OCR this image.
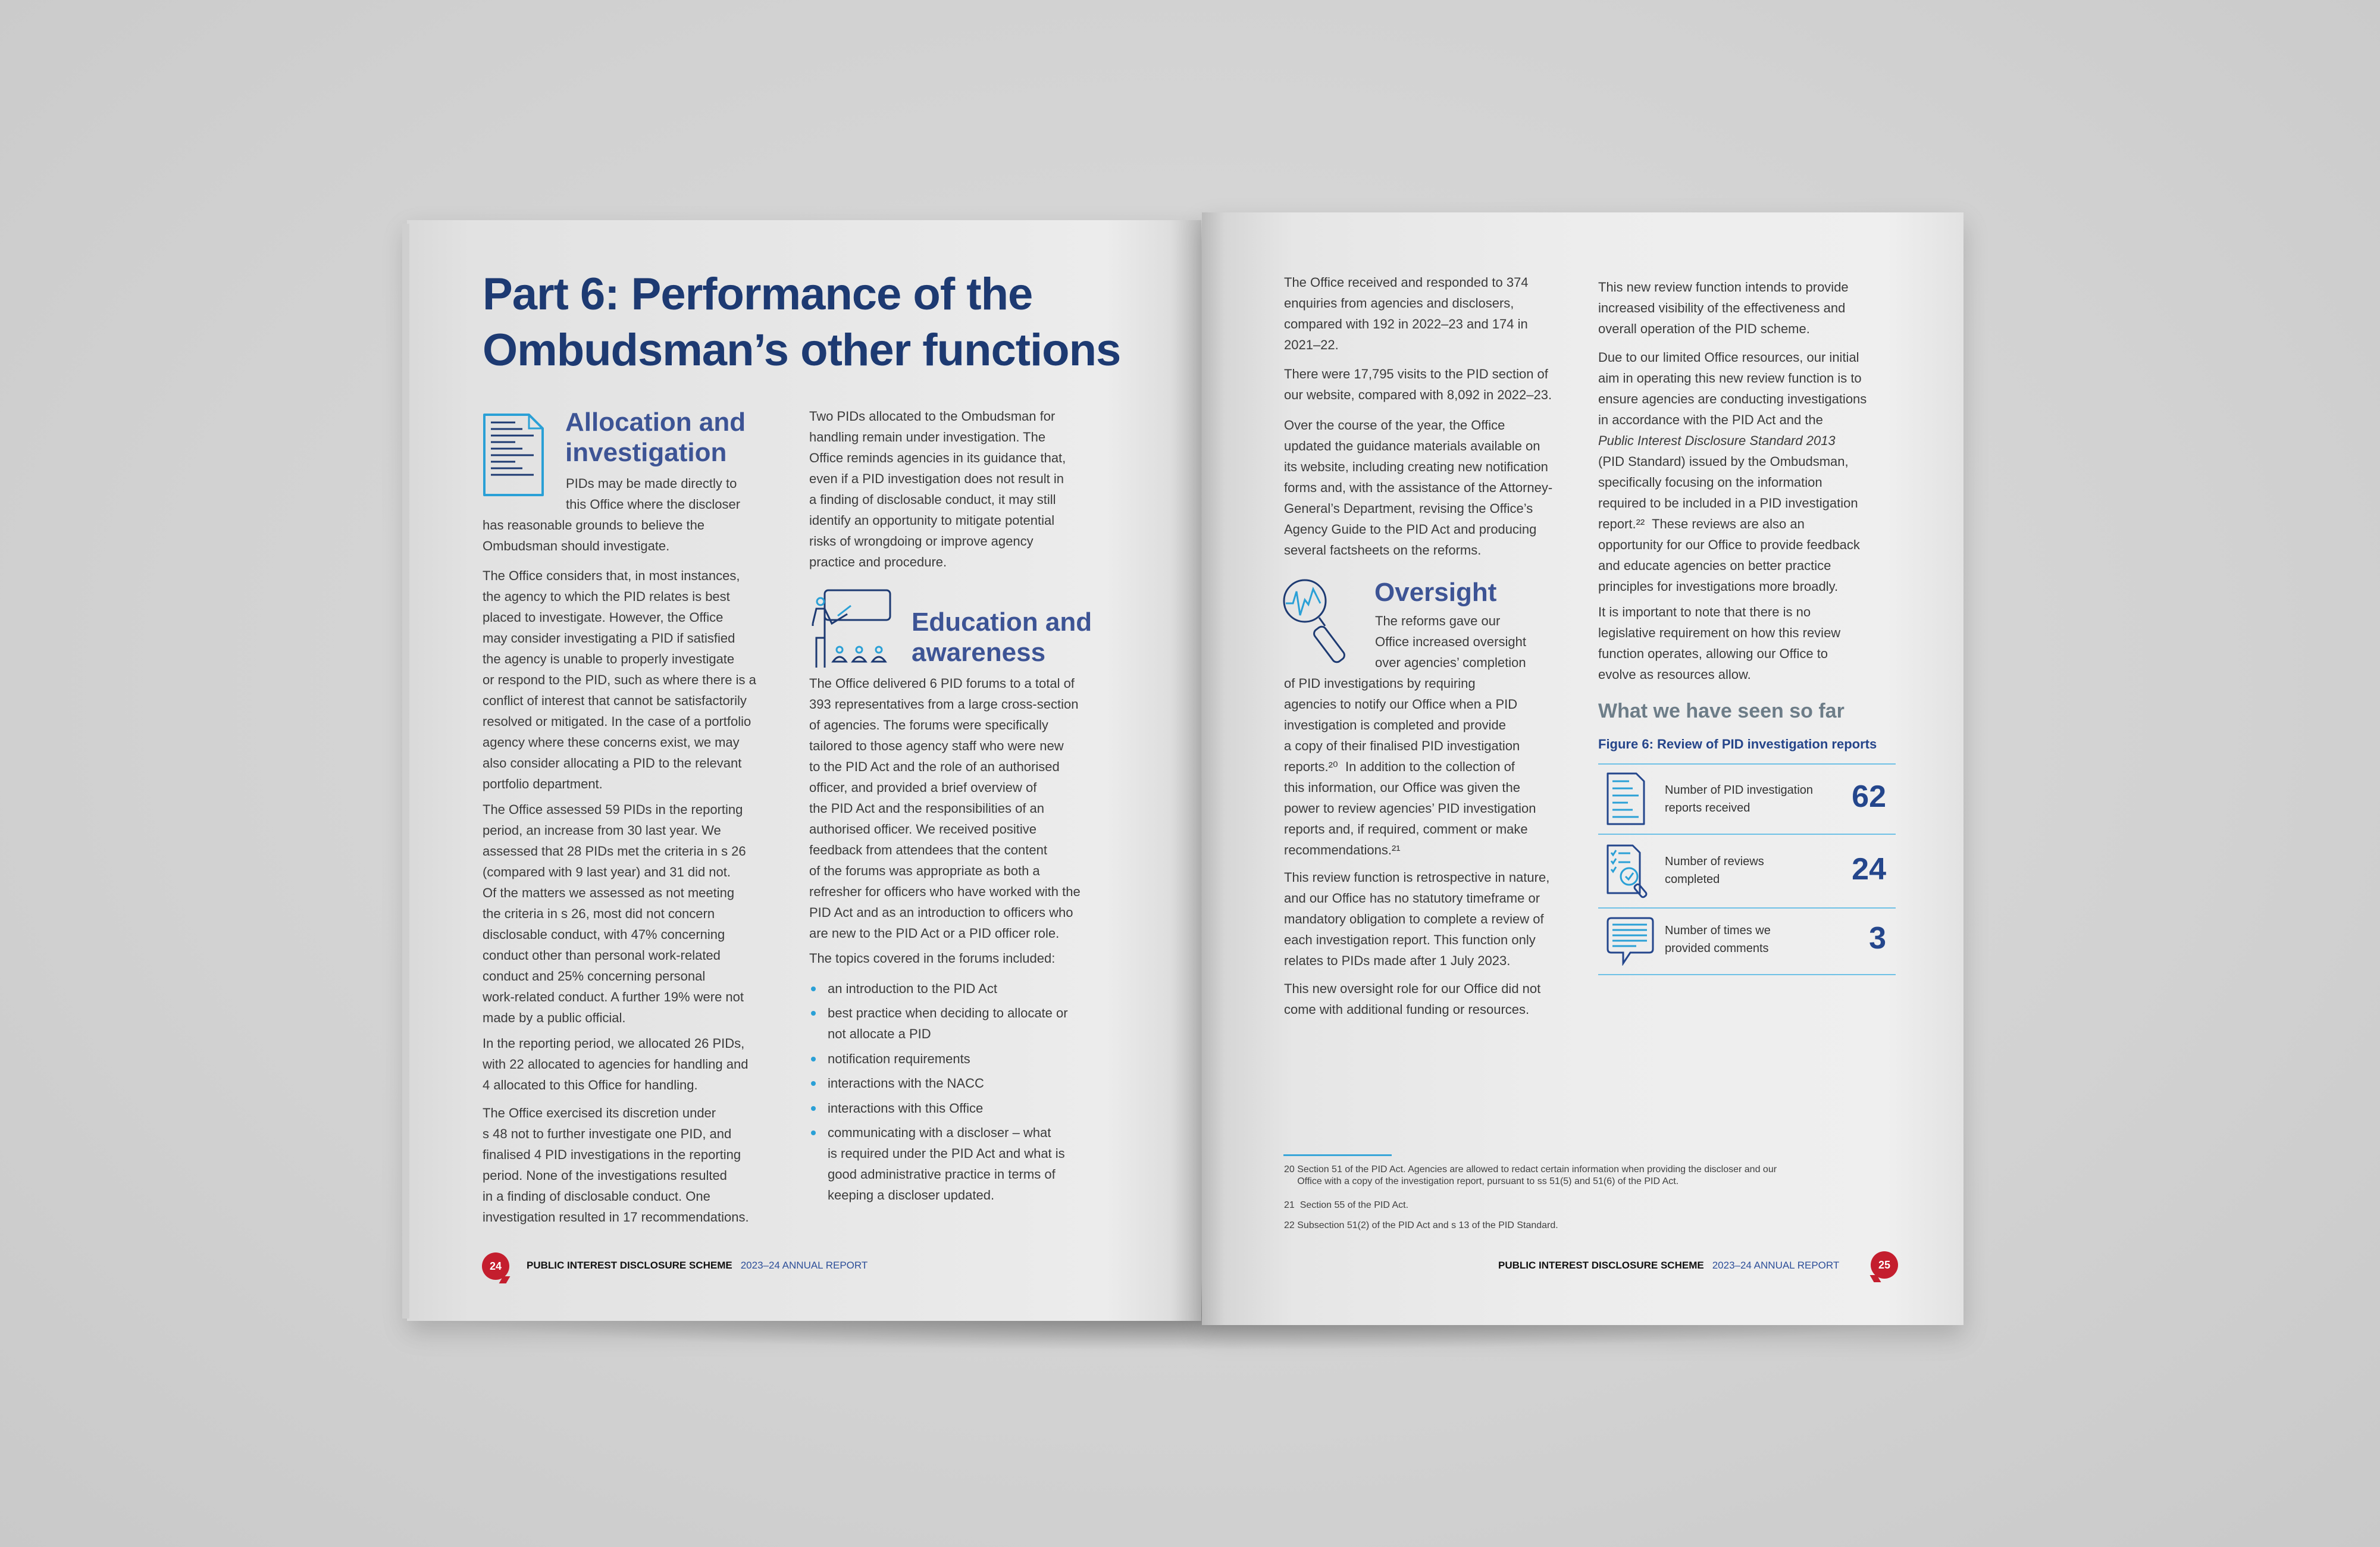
Part 6: Performance of the
Ombudsman’s other functions
Allocation and
investigation
PIDs may be made directly to
this Office where the discloser
has reasonable grounds to believe the
Ombudsman should investigate.
The Office considers that, in most instances,
the agency to which the PID relates is best
placed to investigate. However, the Office
may consider investigating a PID if satisfied
the agency is unable to properly investigate
or respond to the PID, such as where there is a
conflict of interest that cannot be satisfactorily
resolved or mitigated. In the case of a portfolio
agency where these concerns exist, we may
also consider allocating a PID to the relevant
portfolio department.
The Office assessed 59 PIDs in the reporting
period, an increase from 30 last year. We
assessed that 28 PIDs met the criteria in s 26
(compared with 9 last year) and 31 did not.
Of the matters we assessed as not meeting
the criteria in s 26, most did not concern
disclosable conduct, with 47% concerning
conduct other than personal work-related
conduct and 25% concerning personal
work-related conduct. A further 19% were not
made by a public official.
In the reporting period, we allocated 26 PIDs,
with 22 allocated to agencies for handling and
4 allocated to this Office for handling.
The Office exercised its discretion under
s 48 not to further investigate one PID, and
finalised 4 PID investigations in the reporting
period. None of the investigations resulted
in a finding of disclosable conduct. One
investigation resulted in 17 recommendations.
Two PIDs allocated to the Ombudsman for
handling remain under investigation. The
Office reminds agencies in its guidance that,
even if a PID investigation does not result in
a finding of disclosable conduct, it may still
identify an opportunity to mitigate potential
risks of wrongdoing or improve agency
practice and procedure.
Education and
awareness
The Office delivered 6 PID forums to a total of
393 representatives from a large cross-section
of agencies. The forums were specifically
tailored to those agency staff who were new
to the PID Act and the role of an authorised
officer, and provided a brief overview of
the PID Act and the responsibilities of an
authorised officer. We received positive
feedback from attendees that the content
of the forums was appropriate as both a
refresher for officers who have worked with the
PID Act and as an introduction to officers who
are new to the PID Act or a PID officer role.
The topics covered in the forums included:
an introduction to the PID Act
best practice when deciding to allocate or
not allocate a PID
notification requirements
interactions with the NACC
interactions with this Office
communicating with a discloser – what
is required under the PID Act and what is
good administrative practice in terms of
keeping a discloser updated.
24	PUBLIC INTEREST DISCLOSURE SCHEME 2023–24 ANNUAL REPORT
The Office received and responded to 374
enquiries from agencies and disclosers,
compared with 192 in 2022–23 and 174 in
2021–22.
There were 17,795 visits to the PID section of
our website, compared with 8,092 in 2022–23.
Over the course of the year, the Office
updated the guidance materials available on
its website, including creating new notification
forms and, with the assistance of the Attorney-
General’s Department, revising the Office’s
Agency Guide to the PID Act and producing
several factsheets on the reforms.
Oversight
The reforms gave our
Office increased oversight
over agencies’ completion
of PID investigations by requiring
agencies to notify our Office when a PID
investigation is completed and provide
a copy of their finalised PID investigation
reports.²⁰  In addition to the collection of
this information, our Office was given the
power to review agencies’ PID investigation
reports and, if required, comment or make
recommendations.²¹
This review function is retrospective in nature,
and our Office has no statutory timeframe or
mandatory obligation to complete a review of
each investigation report. This function only
relates to PIDs made after 1 July 2023.
This new oversight role for our Office did not
come with additional funding or resources.
This new review function intends to provide
increased visibility of the effectiveness and
overall operation of the PID scheme.
Due to our limited Office resources, our initial
aim in operating this new review function is to
ensure agencies are conducting investigations
in accordance with the PID Act and the
Public Interest Disclosure Standard 2013
(PID Standard) issued by the Ombudsman,
specifically focusing on the information
required to be included in a PID investigation
report.²²  These reviews are also an
opportunity for our Office to provide feedback
and educate agencies on better practice
principles for investigations more broadly.
It is important to note that there is no
legislative requirement on how this review
function operates, allowing our Office to
evolve as resources allow.
What we have seen so far
Figure 6: Review of PID investigation reports
Number of PID investigation
reports received	62
Number of reviews
completed	24
Number of times we
provided comments	3
20 Section 51 of the PID Act. Agencies are allowed to redact certain information when providing the discloser and our
Office with a copy of the investigation report, pursuant to ss 51(5) and 51(6) of the PID Act.
21  Section 55 of the PID Act.
22 Subsection 51(2) of the PID Act and s 13 of the PID Standard.
PUBLIC INTEREST DISCLOSURE SCHEME 2023–24 ANNUAL REPORT	25
